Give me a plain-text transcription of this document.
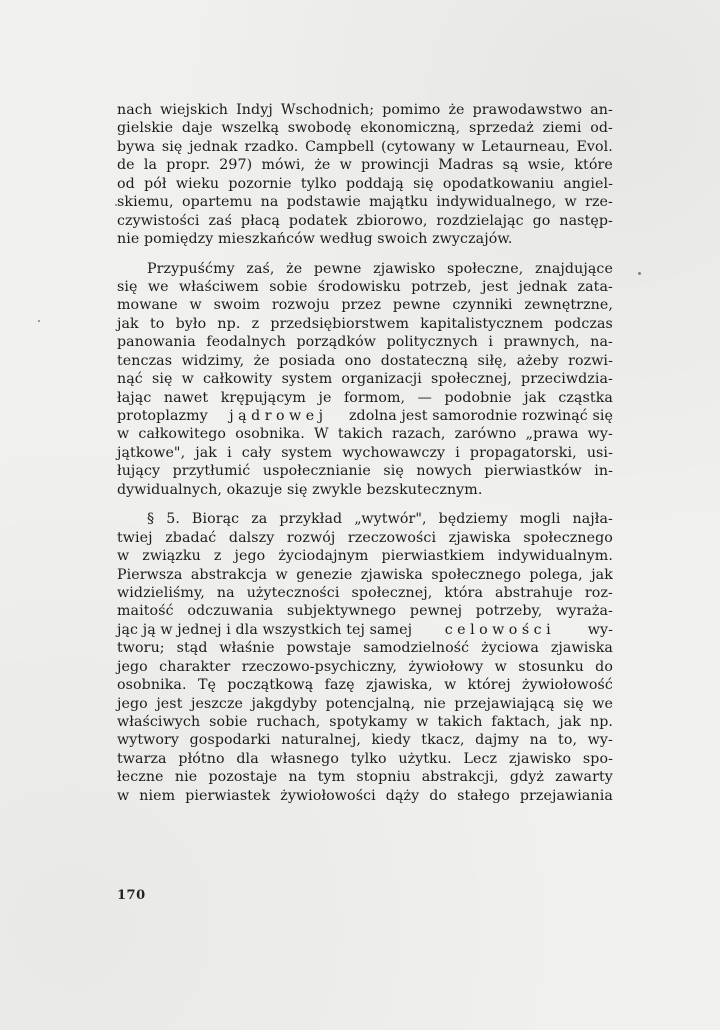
nach wiejskich Indyj Wschodnich; pomimo że prawodawstwo an-
gielskie daje wszelką swobodę ekonomiczną, sprzedaż ziemi od-
bywa się jednak rzadko. Campbell (cytowany w Letaurneau, Evol.
de la propr. 297) mówi, że w prowincji Madras są wsie, które
od pół wieku pozornie tylko poddają się opodatkowaniu angiel-
skiemu, opartemu na podstawie majątku indywidualnego, w rze-
czywistości zaś płacą podatek zbiorowo, rozdzielając go następ-
nie pomiędzy mieszkańców według swoich zwyczajów.
Przypuśćmy zaś, że pewne zjawisko społeczne, znajdujące
się we właściwem sobie środowisku potrzeb, jest jednak zata-
mowane w swoim rozwoju przez pewne czynniki zewnętrzne,
jak to było np. z przedsiębiorstwem kapitalistycznem podczas
panowania feodalnych porządków politycznych i prawnych, na-
tenczas widzimy, że posiada ono dostateczną siłę, ażeby rozwi-
nąć się w całkowity system organizacji społecznej, przeciwdzia-
łając nawet krępującym je formom, — podobnie jak cząstka
protoplazmy jądrowej zdolna jest samorodnie rozwinąć się
w całkowitego osobnika. W takich razach, zarówno „prawa wy-
jątkowe", jak i cały system wychowawczy i propagatorski, usi-
łujący przytłumić uspołecznianie się nowych pierwiastków in-
dywidualnych, okazuje się zwykle bezskutecznym.
§ 5. Biorąc za przykład „wytwór", będziemy mogli najła-
twiej zbadać dalszy rozwój rzeczowości zjawiska społecznego
w związku z jego życiodajnym pierwiastkiem indywidualnym.
Pierwsza abstrakcja w genezie zjawiska społecznego polega, jak
widzieliśmy, na użyteczności społecznej, która abstrahuje roz-
maitość odczuwania subjektywnego pewnej potrzeby, wyraża-
jąc ją w jednej i dla wszystkich tej samej celowości wy-
tworu; stąd właśnie powstaje samodzielność życiowa zjawiska
jego charakter rzeczowo-psychiczny, żywiołowy w stosunku do
osobnika. Tę początkową fazę zjawiska, w której żywiołowość
jego jest jeszcze jakgdyby potencjalną, nie przejawiającą się we
właściwych sobie ruchach, spotykamy w takich faktach, jak np.
wytwory gospodarki naturalnej, kiedy tkacz, dajmy na to, wy-
twarza płótno dla własnego tylko użytku. Lecz zjawisko spo-
łeczne nie pozostaje na tym stopniu abstrakcji, gdyż zawarty
w niem pierwiastek żywiołowości dąży do stałego przejawiania
170
